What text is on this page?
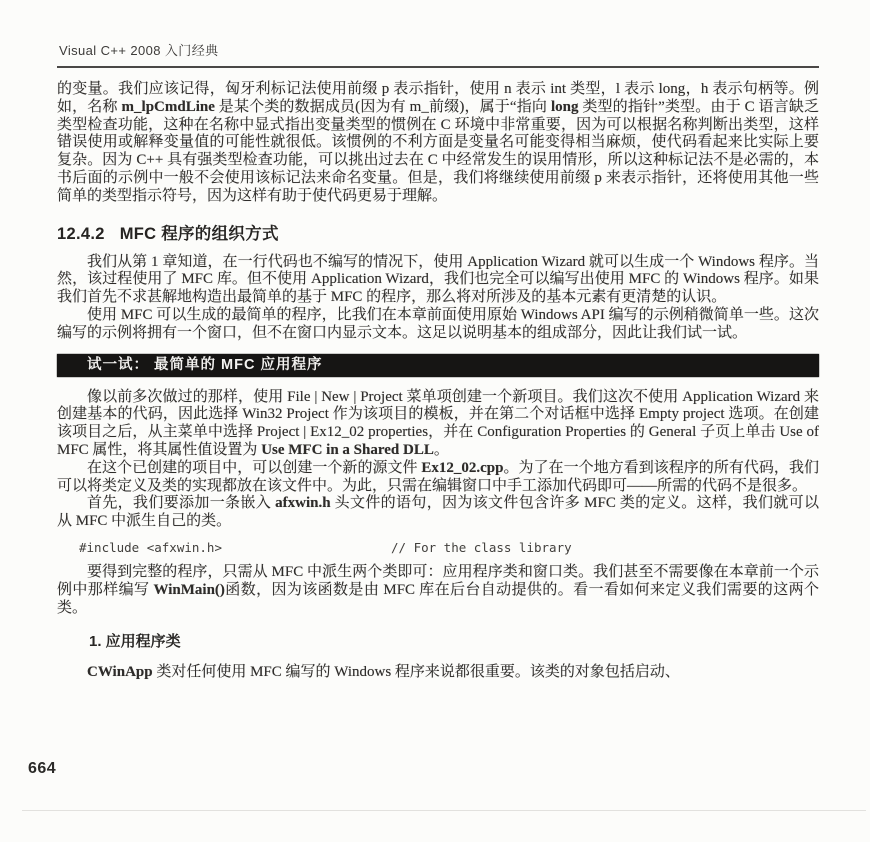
Visual C++ 2008 入门经典

的变量。我们应该记得，匈牙利标记法使用前缀 p 表示指针，使用 n 表示 int 类型，l 表示 long，h 表示句柄等。例如，名称 m_lpCmdLine 是某个类的数据成员(因为有 m_前缀)，属于“指向 long 类型的指针”类型。由于 C 语言缺乏类型检查功能，这种在名称中显式指出变量类型的惯例在 C 环境中非常重要，因为可以根据名称判断出类型，这样错误使用或解释变量值的可能性就很低。该惯例的不利方面是变量名可能变得相当麻烦，使代码看起来比实际上要复杂。因为 C++ 具有强类型检查功能，可以挑出过去在 C 中经常发生的误用情形，所以这种标记法不是必需的，本书后面的示例中一般不会使用该标记法来命名变量。但是，我们将继续使用前缀 p 来表示指针，还将使用其他一些简单的类型指示符号，因为这样有助于使代码更易于理解。

12.4.2 MFC 程序的组织方式

我们从第 1 章知道，在一行代码也不编写的情况下，使用 Application Wizard 就可以生成一个 Windows 程序。当然，该过程使用了 MFC 库。但不使用 Application Wizard，我们也完全可以编写出使用 MFC 的 Windows 程序。如果我们首先不求甚解地构造出最简单的基于 MFC 的程序，那么将对所涉及的基本元素有更清楚的认识。

使用 MFC 可以生成的最简单的程序，比我们在本章前面使用原始 Windows API 编写的示例稍微简单一些。这次编写的示例将拥有一个窗口，但不在窗口内显示文本。这足以说明基本的组成部分，因此让我们试一试。

试一试： 最简单的 MFC 应用程序

像以前多次做过的那样，使用 File | New | Project 菜单项创建一个新项目。我们这次不使用 Application Wizard 来创建基本的代码，因此选择 Win32 Project 作为该项目的模板，并在第二个对话框中选择 Empty project 选项。在创建该项目之后，从主菜单中选择 Project | Ex12_02 properties，并在 Configuration Properties 的 General 子页上单击 Use of MFC 属性，将其属性值设置为 Use MFC in a Shared DLL。

在这个已创建的项目中，可以创建一个新的源文件 Ex12_02.cpp。为了在一个地方看到该程序的所有代码，我们可以将类定义及类的实现都放在该文件中。为此，只需在编辑窗口中手工添加代码即可——所需的代码不是很多。

首先，我们要添加一条嵌入 afxwin.h 头文件的语句，因为该文件包含许多 MFC 类的定义。这样，我们就可以从 MFC 中派生自己的类。

#include <afxwin.h>	// For the class library

要得到完整的程序，只需从 MFC 中派生两个类即可：应用程序类和窗口类。我们甚至不需要像在本章前一个示例中那样编写 WinMain()函数，因为该函数是由 MFC 库在后台自动提供的。看一看如何来定义我们需要的这两个类。

1. 应用程序类

CWinApp 类对任何使用 MFC 编写的 Windows 程序来说都很重要。该类的对象包括启动、

664
